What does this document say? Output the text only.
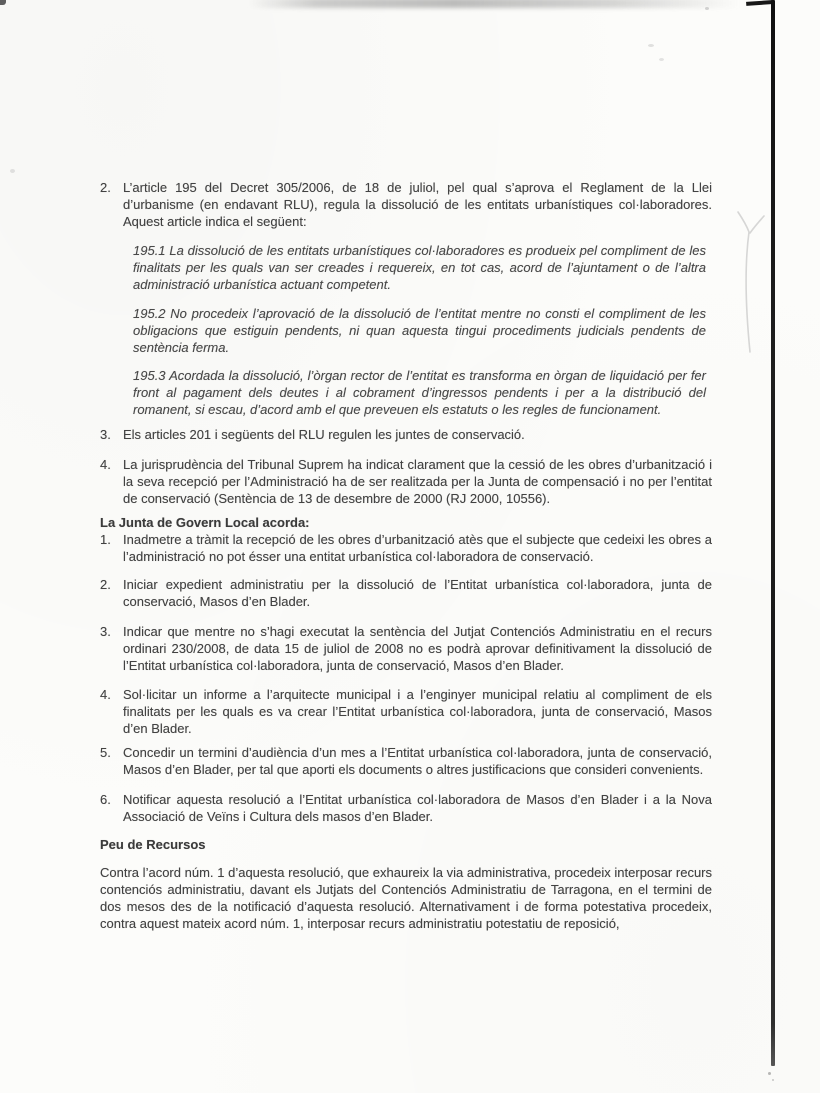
2. L’article 195 del Decret 305/2006, de 18 de juliol, pel qual s’aprova el Reglament de la Llei d’urbanisme (en endavant RLU), regula la dissolució de les entitats urbanístiques col·laboradores. Aquest article indica el següent:

195.1 La dissolució de les entitats urbanístiques col·laboradores es produeix pel compliment de les finalitats per les quals van ser creades i requereix, en tot cas, acord de l’ajuntament o de l’altra administració urbanística actuant competent.

195.2 No procedeix l’aprovació de la dissolució de l’entitat mentre no consti el compliment de les obligacions que estiguin pendents, ni quan aquesta tingui procediments judicials pendents de sentència ferma.

195.3 Acordada la dissolució, l’òrgan rector de l’entitat es transforma en òrgan de liquidació per fer front al pagament dels deutes i al cobrament d’ingressos pendents i per a la distribució del romanent, si escau, d’acord amb el que preveuen els estatuts o les regles de funcionament.

3. Els articles 201 i següents del RLU regulen les juntes de conservació.

4. La jurisprudència del Tribunal Suprem ha indicat clarament que la cessió de les obres d’urbanització i la seva recepció per l’Administració ha de ser realitzada per la Junta de compensació i no per l’entitat de conservació (Sentència de 13 de desembre de 2000 (RJ 2000, 10556).

La Junta de Govern Local acorda:

1. Inadmetre a tràmit la recepció de les obres d’urbanització atès que el subjecte que cedeixi les obres a l’administració no pot ésser una entitat urbanística col·laboradora de conservació.

2. Iniciar expedient administratiu per la dissolució de l’Entitat urbanística col·laboradora, junta de conservació, Masos d’en Blader.

3. Indicar que mentre no s’hagi executat la sentència del Jutjat Contenciós Administratiu en el recurs ordinari 230/2008, de data 15 de juliol de 2008 no es podrà aprovar definitivament la dissolució de l’Entitat urbanística col·laboradora, junta de conservació, Masos d’en Blader.

4. Sol·licitar un informe a l’arquitecte municipal i a l’enginyer municipal relatiu al compliment de els finalitats per les quals es va crear l’Entitat urbanística col·laboradora, junta de conservació, Masos d’en Blader.

5. Concedir un termini d’audiència d’un mes a l’Entitat urbanística col·laboradora, junta de conservació, Masos d’en Blader, per tal que aporti els documents o altres justificacions que consideri convenients.

6. Notificar aquesta resolució a l’Entitat urbanística col·laboradora de Masos d’en Blader i a la Nova Associació de Veïns i Cultura dels masos d’en Blader.

Peu de Recursos

Contra l’acord núm. 1 d’aquesta resolució, que exhaureix la via administrativa, procedeix interposar recurs contenciós administratiu, davant els Jutjats del Contenciós Administratiu de Tarragona, en el termini de dos mesos des de la notificació d’aquesta resolució. Alternativament i de forma potestativa procedeix, contra aquest mateix acord núm. 1, interposar recurs administratiu potestatiu de reposició,
